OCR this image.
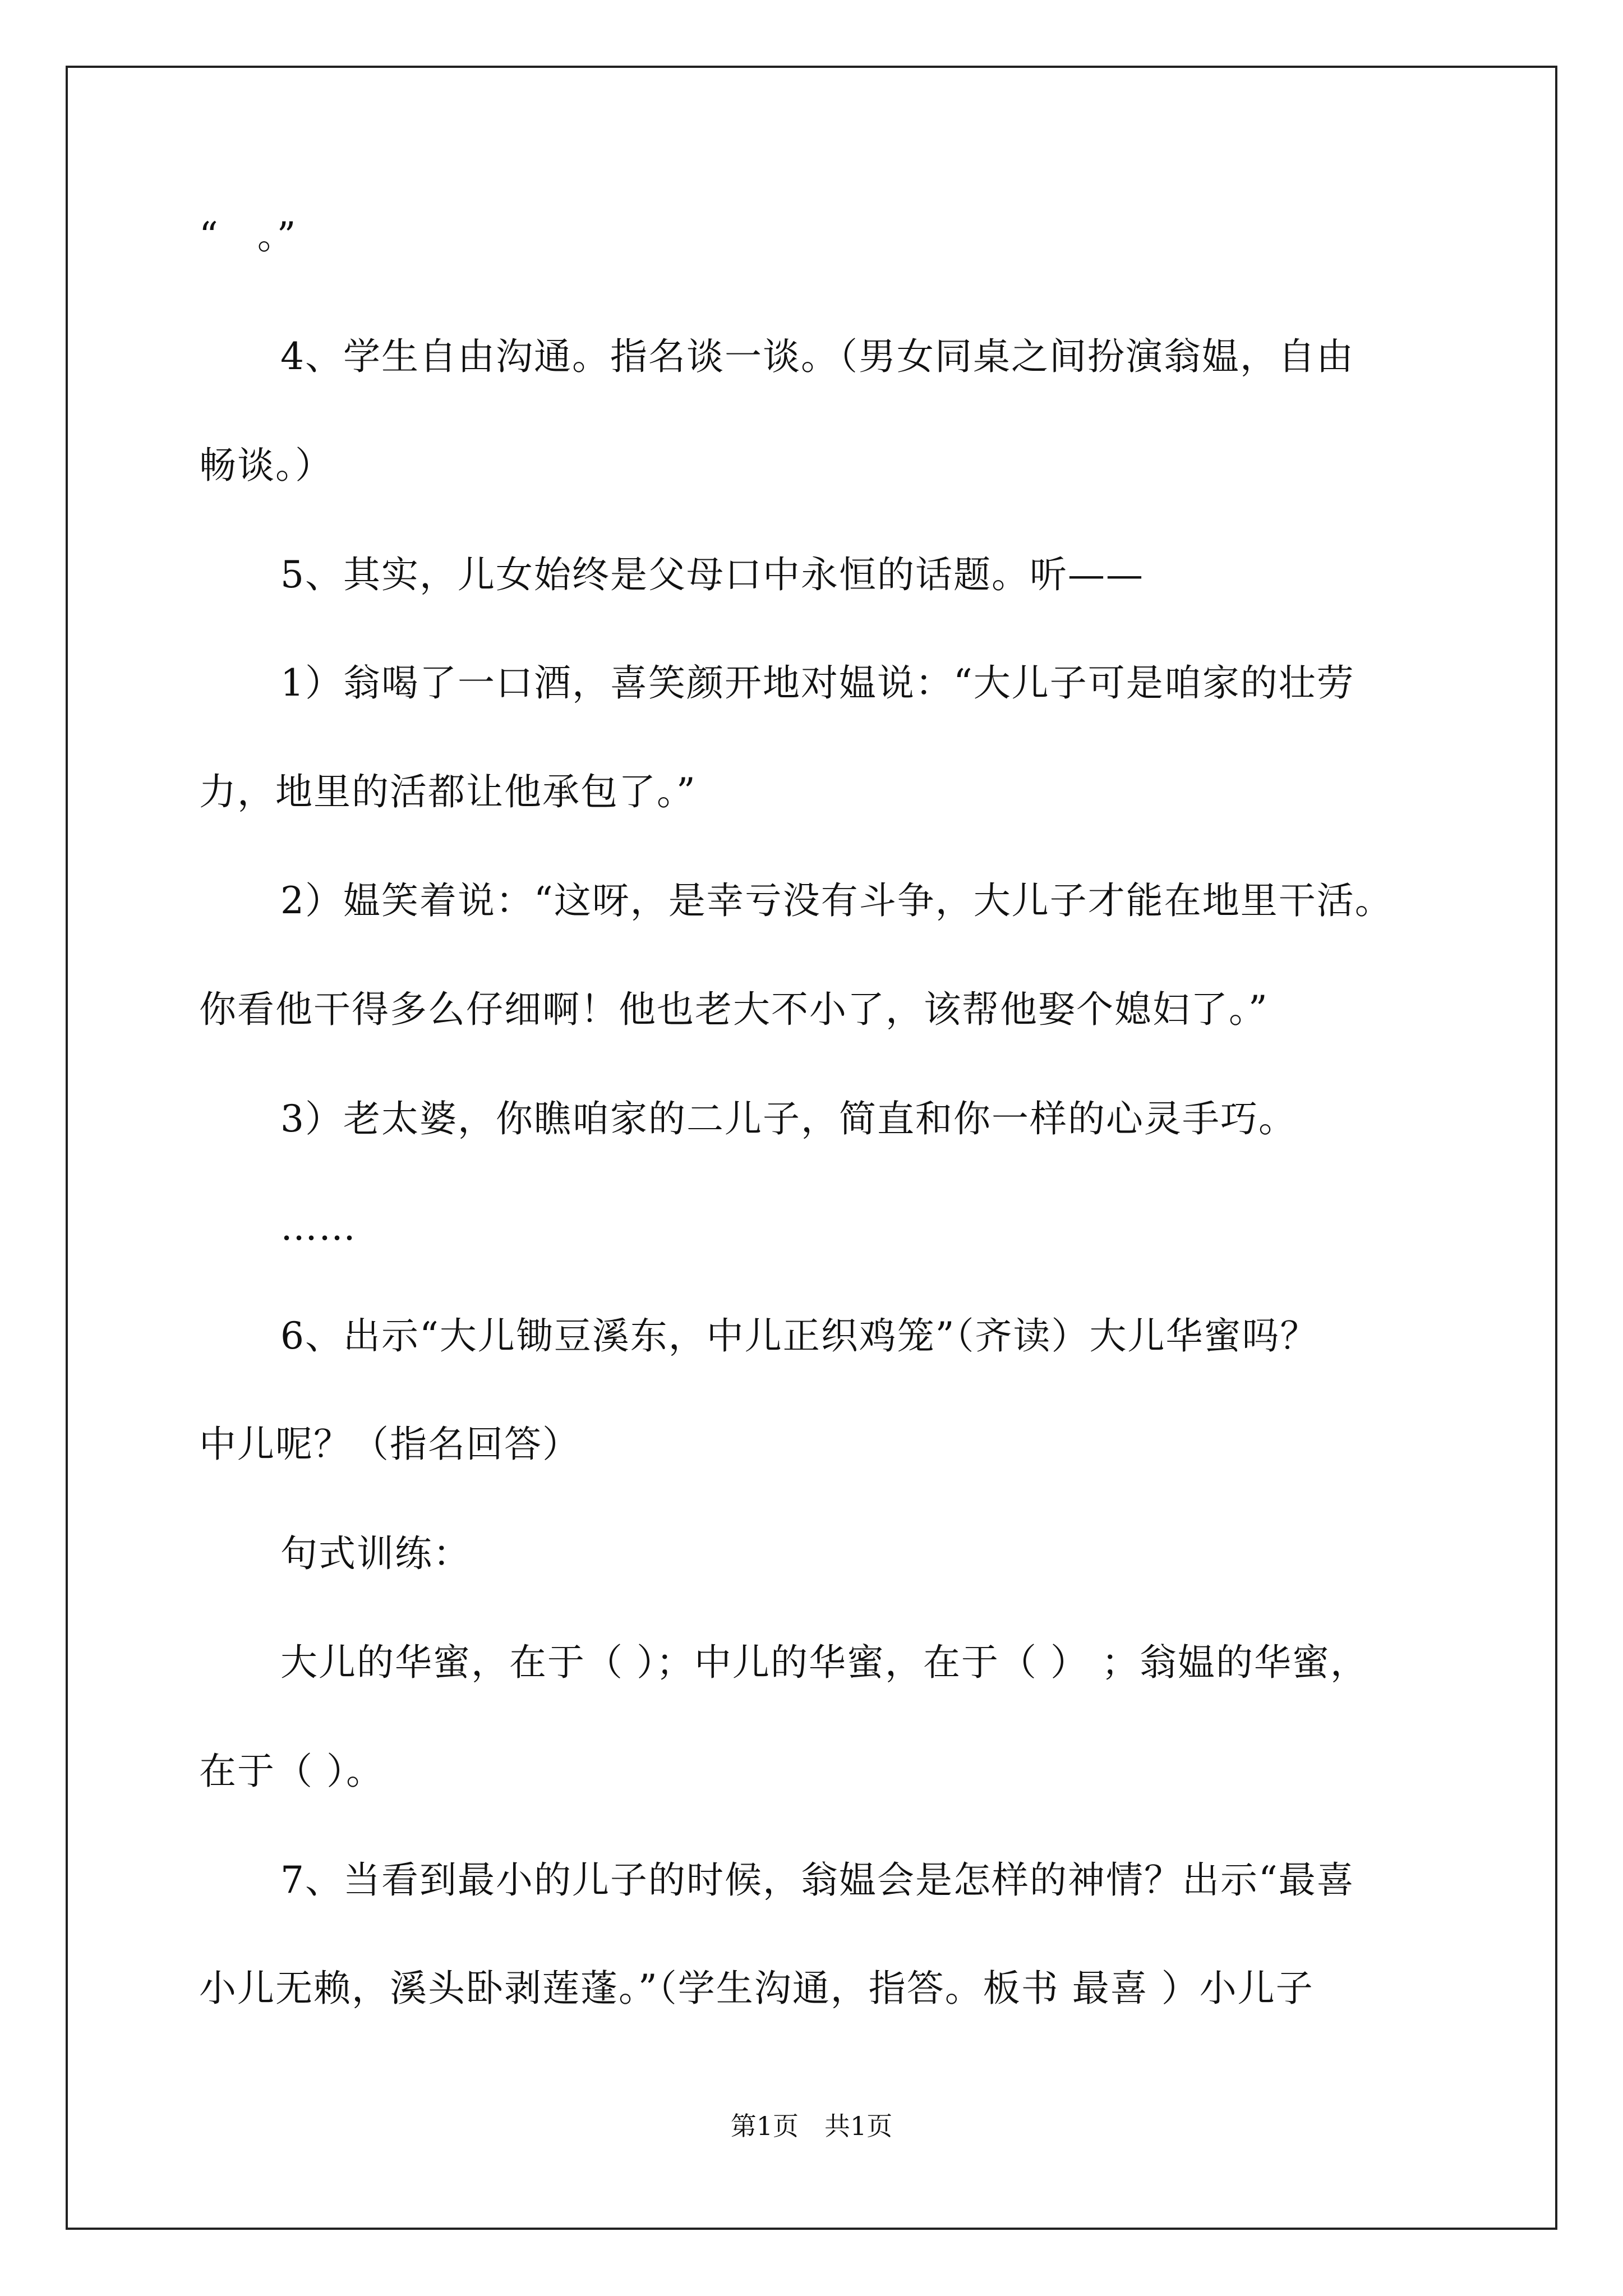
“　。”
4、学生自由沟通。指名谈一谈。（男女同桌之间扮演翁媪，自由
畅谈。）
5、其实，儿女始终是父母口中永恒的话题。听——
1）翁喝了一口酒，喜笑颜开地对媪说：“大儿子可是咱家的壮劳
力，地里的活都让他承包了。”
2）媪笑着说：“这呀，是幸亏没有斗争，大儿子才能在地里干活。
你看他干得多么仔细啊！他也老大不小了，该帮他娶个媳妇了。”
3）老太婆，你瞧咱家的二儿子，简直和你一样的心灵手巧。
……
6、出示“大儿锄豆溪东，中儿正织鸡笼”（齐读）大儿华蜜吗？
中儿呢？（指名回答）
句式训练：
大儿的华蜜，在于（ ）；中儿的华蜜，在于（ ） ；翁媪的华蜜，
在于（ ）。
7、当看到最小的儿子的时候，翁媪会是怎样的神情？出示“最喜
小儿无赖，溪头卧剥莲蓬。”（学生沟通，指答。板书 最喜 ）小儿子
第1页　共1页
